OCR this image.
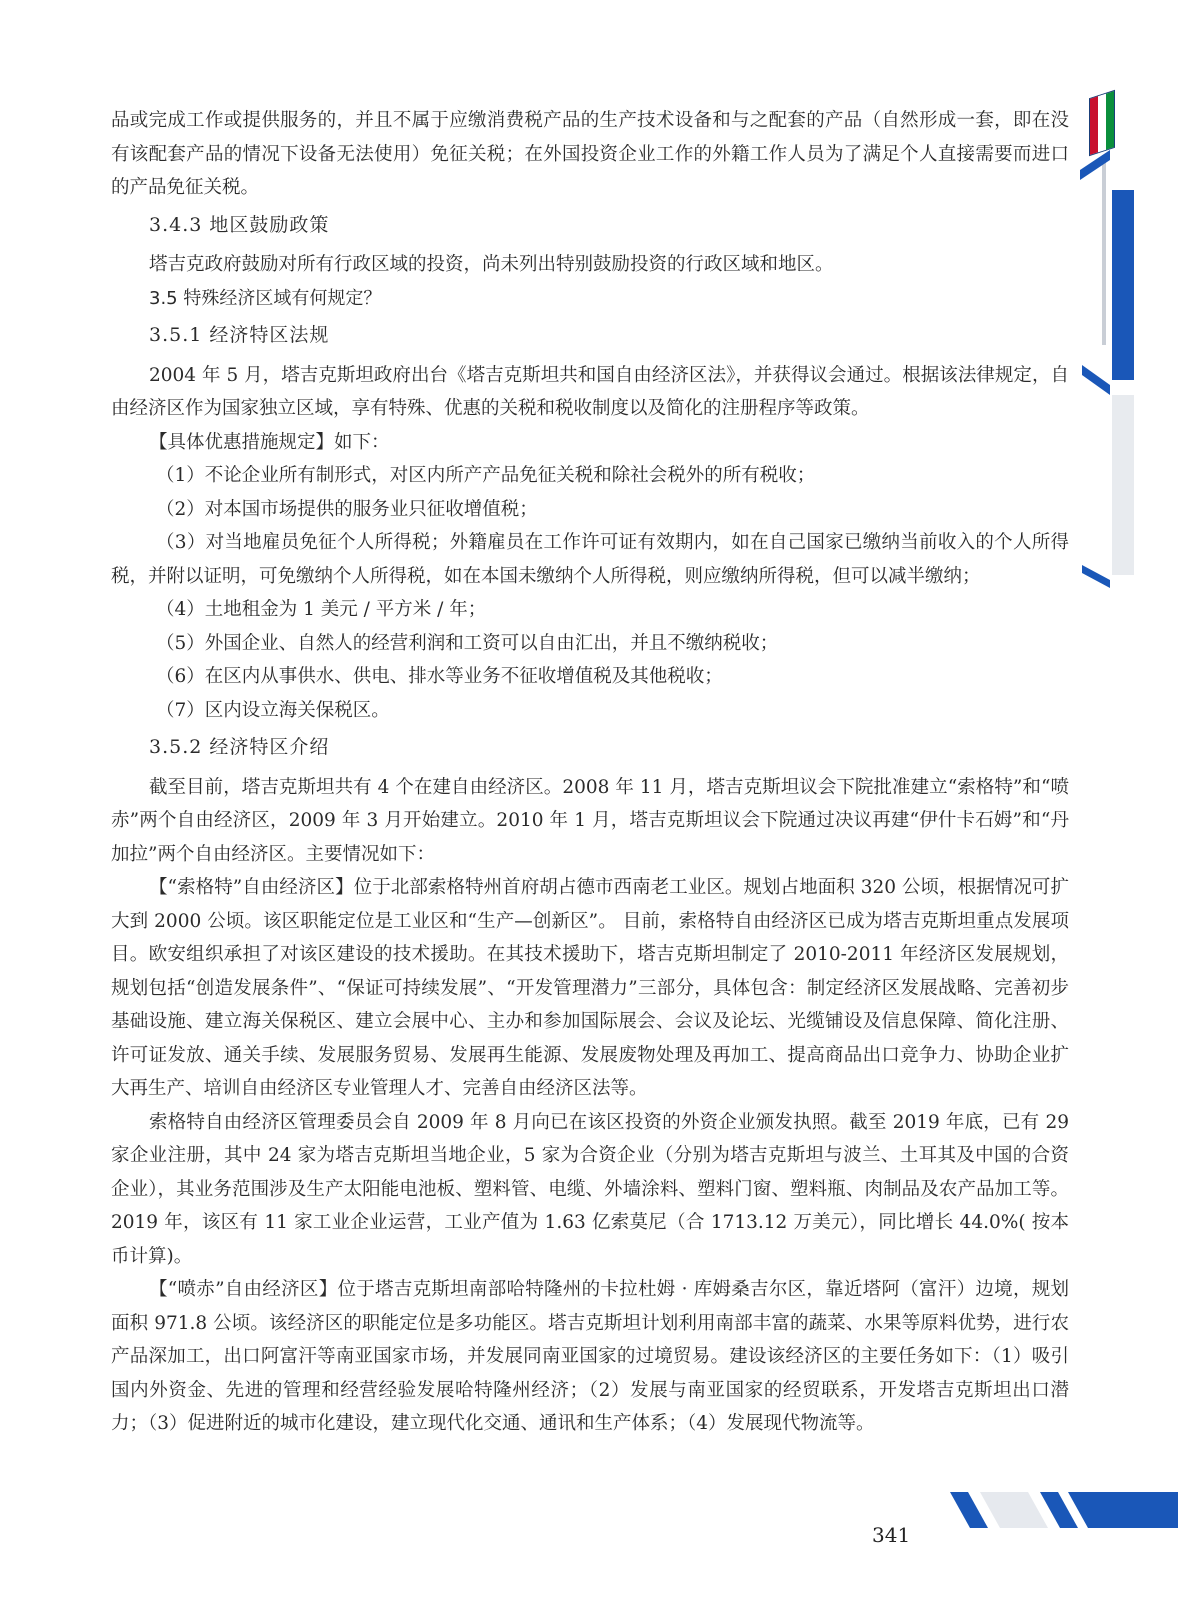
品或完成工作或提供服务的，并且不属于应缴消费税产品的生产技术设备和与之配套的产品（自然形成一套，即在没有该配套产品的情况下设备无法使用）免征关税；在外国投资企业工作的外籍工作人员为了满足个人直接需要而进口的产品免征关税。

3.4.3 地区鼓励政策

塔吉克政府鼓励对所有行政区域的投资，尚未列出特别鼓励投资的行政区域和地区。

3.5 特殊经济区域有何规定？

3.5.1 经济特区法规

2004 年 5 月，塔吉克斯坦政府出台《塔吉克斯坦共和国自由经济区法》，并获得议会通过。根据该法律规定，自由经济区作为国家独立区域，享有特殊、优惠的关税和税收制度以及简化的注册程序等政策。

【具体优惠措施规定】如下：

（1）不论企业所有制形式，对区内所产产品免征关税和除社会税外的所有税收；

（2）对本国市场提供的服务业只征收增值税；

（3）对当地雇员免征个人所得税；外籍雇员在工作许可证有效期内，如在自己国家已缴纳当前收入的个人所得税，并附以证明，可免缴纳个人所得税，如在本国未缴纳个人所得税，则应缴纳所得税，但可以减半缴纳；

（4）土地租金为 1 美元 / 平方米 / 年；

（5）外国企业、自然人的经营利润和工资可以自由汇出，并且不缴纳税收；

（6）在区内从事供水、供电、排水等业务不征收增值税及其他税收；

（7）区内设立海关保税区。

3.5.2 经济特区介绍

截至目前，塔吉克斯坦共有 4 个在建自由经济区。2008 年 11 月，塔吉克斯坦议会下院批准建立“索格特”和“喷赤”两个自由经济区，2009 年 3 月开始建立。2010 年 1 月，塔吉克斯坦议会下院通过决议再建“伊什卡石姆”和“丹加拉”两个自由经济区。主要情况如下：

【“索格特”自由经济区】位于北部索格特州首府胡占德市西南老工业区。规划占地面积 320 公顷，根据情况可扩大到 2000 公顷。该区职能定位是工业区和“生产—创新区”。 目前，索格特自由经济区已成为塔吉克斯坦重点发展项目。欧安组织承担了对该区建设的技术援助。在其技术援助下，塔吉克斯坦制定了 2010-2011 年经济区发展规划，规划包括“创造发展条件”、“保证可持续发展”、“开发管理潜力”三部分，具体包含：制定经济区发展战略、完善初步基础设施、建立海关保税区、建立会展中心、主办和参加国际展会、会议及论坛、光缆铺设及信息保障、简化注册、许可证发放、通关手续、发展服务贸易、发展再生能源、发展废物处理及再加工、提高商品出口竞争力、协助企业扩大再生产、培训自由经济区专业管理人才、完善自由经济区法等。

索格特自由经济区管理委员会自 2009 年 8 月向已在该区投资的外资企业颁发执照。截至 2019 年底，已有 29 家企业注册，其中 24 家为塔吉克斯坦当地企业，5 家为合资企业（分别为塔吉克斯坦与波兰、土耳其及中国的合资企业），其业务范围涉及生产太阳能电池板、塑料管、电缆、外墙涂料、塑料门窗、塑料瓶、肉制品及农产品加工等。2019 年，该区有 11 家工业企业运营，工业产值为 1.63 亿索莫尼（合 1713.12 万美元），同比增长 44.0%( 按本币计算)。

【“喷赤”自由经济区】位于塔吉克斯坦南部哈特隆州的卡拉杜姆 · 库姆桑吉尔区，靠近塔阿（富汗）边境，规划面积 971.8 公顷。该经济区的职能定位是多功能区。塔吉克斯坦计划利用南部丰富的蔬菜、水果等原料优势，进行农产品深加工，出口阿富汗等南亚国家市场，并发展同南亚国家的过境贸易。建设该经济区的主要任务如下：（1）吸引国内外资金、先进的管理和经营经验发展哈特隆州经济；（2）发展与南亚国家的经贸联系，开发塔吉克斯坦出口潜力；（3）促进附近的城市化建设，建立现代化交通、通讯和生产体系；（4）发展现代物流等。

341
